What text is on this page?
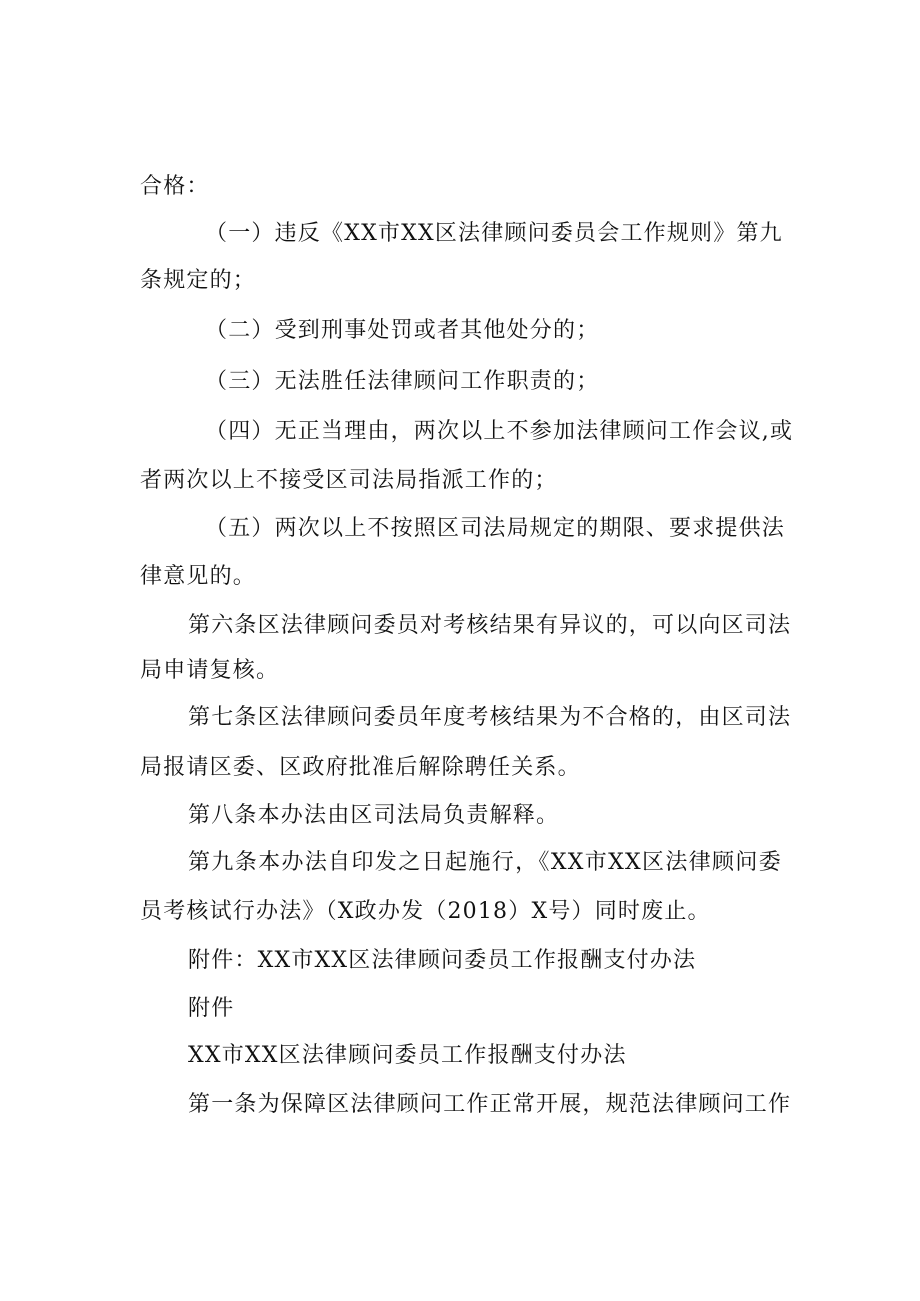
合格：
（一）违反《XX市XX区法律顾问委员会工作规则》第九
条规定的；
（二）受到刑事处罚或者其他处分的；
（三）无法胜任法律顾问工作职责的；
（四）无正当理由，两次以上不参加法律顾问工作会议,或
者两次以上不接受区司法局指派工作的；
（五）两次以上不按照区司法局规定的期限、要求提供法
律意见的。
第六条区法律顾问委员对考核结果有异议的，可以向区司法
局申请复核。
第七条区法律顾问委员年度考核结果为不合格的，由区司法
局报请区委、区政府批准后解除聘任关系。
第八条本办法由区司法局负责解释。
第九条本办法自印发之日起施行，《XX市XX区法律顾问委
员考核试行办法》（X政办发（2018）X号）同时废止。
附件：XX市XX区法律顾问委员工作报酬支付办法
附件
XX市XX区法律顾问委员工作报酬支付办法
第一条为保障区法律顾问工作正常开展，规范法律顾问工作
